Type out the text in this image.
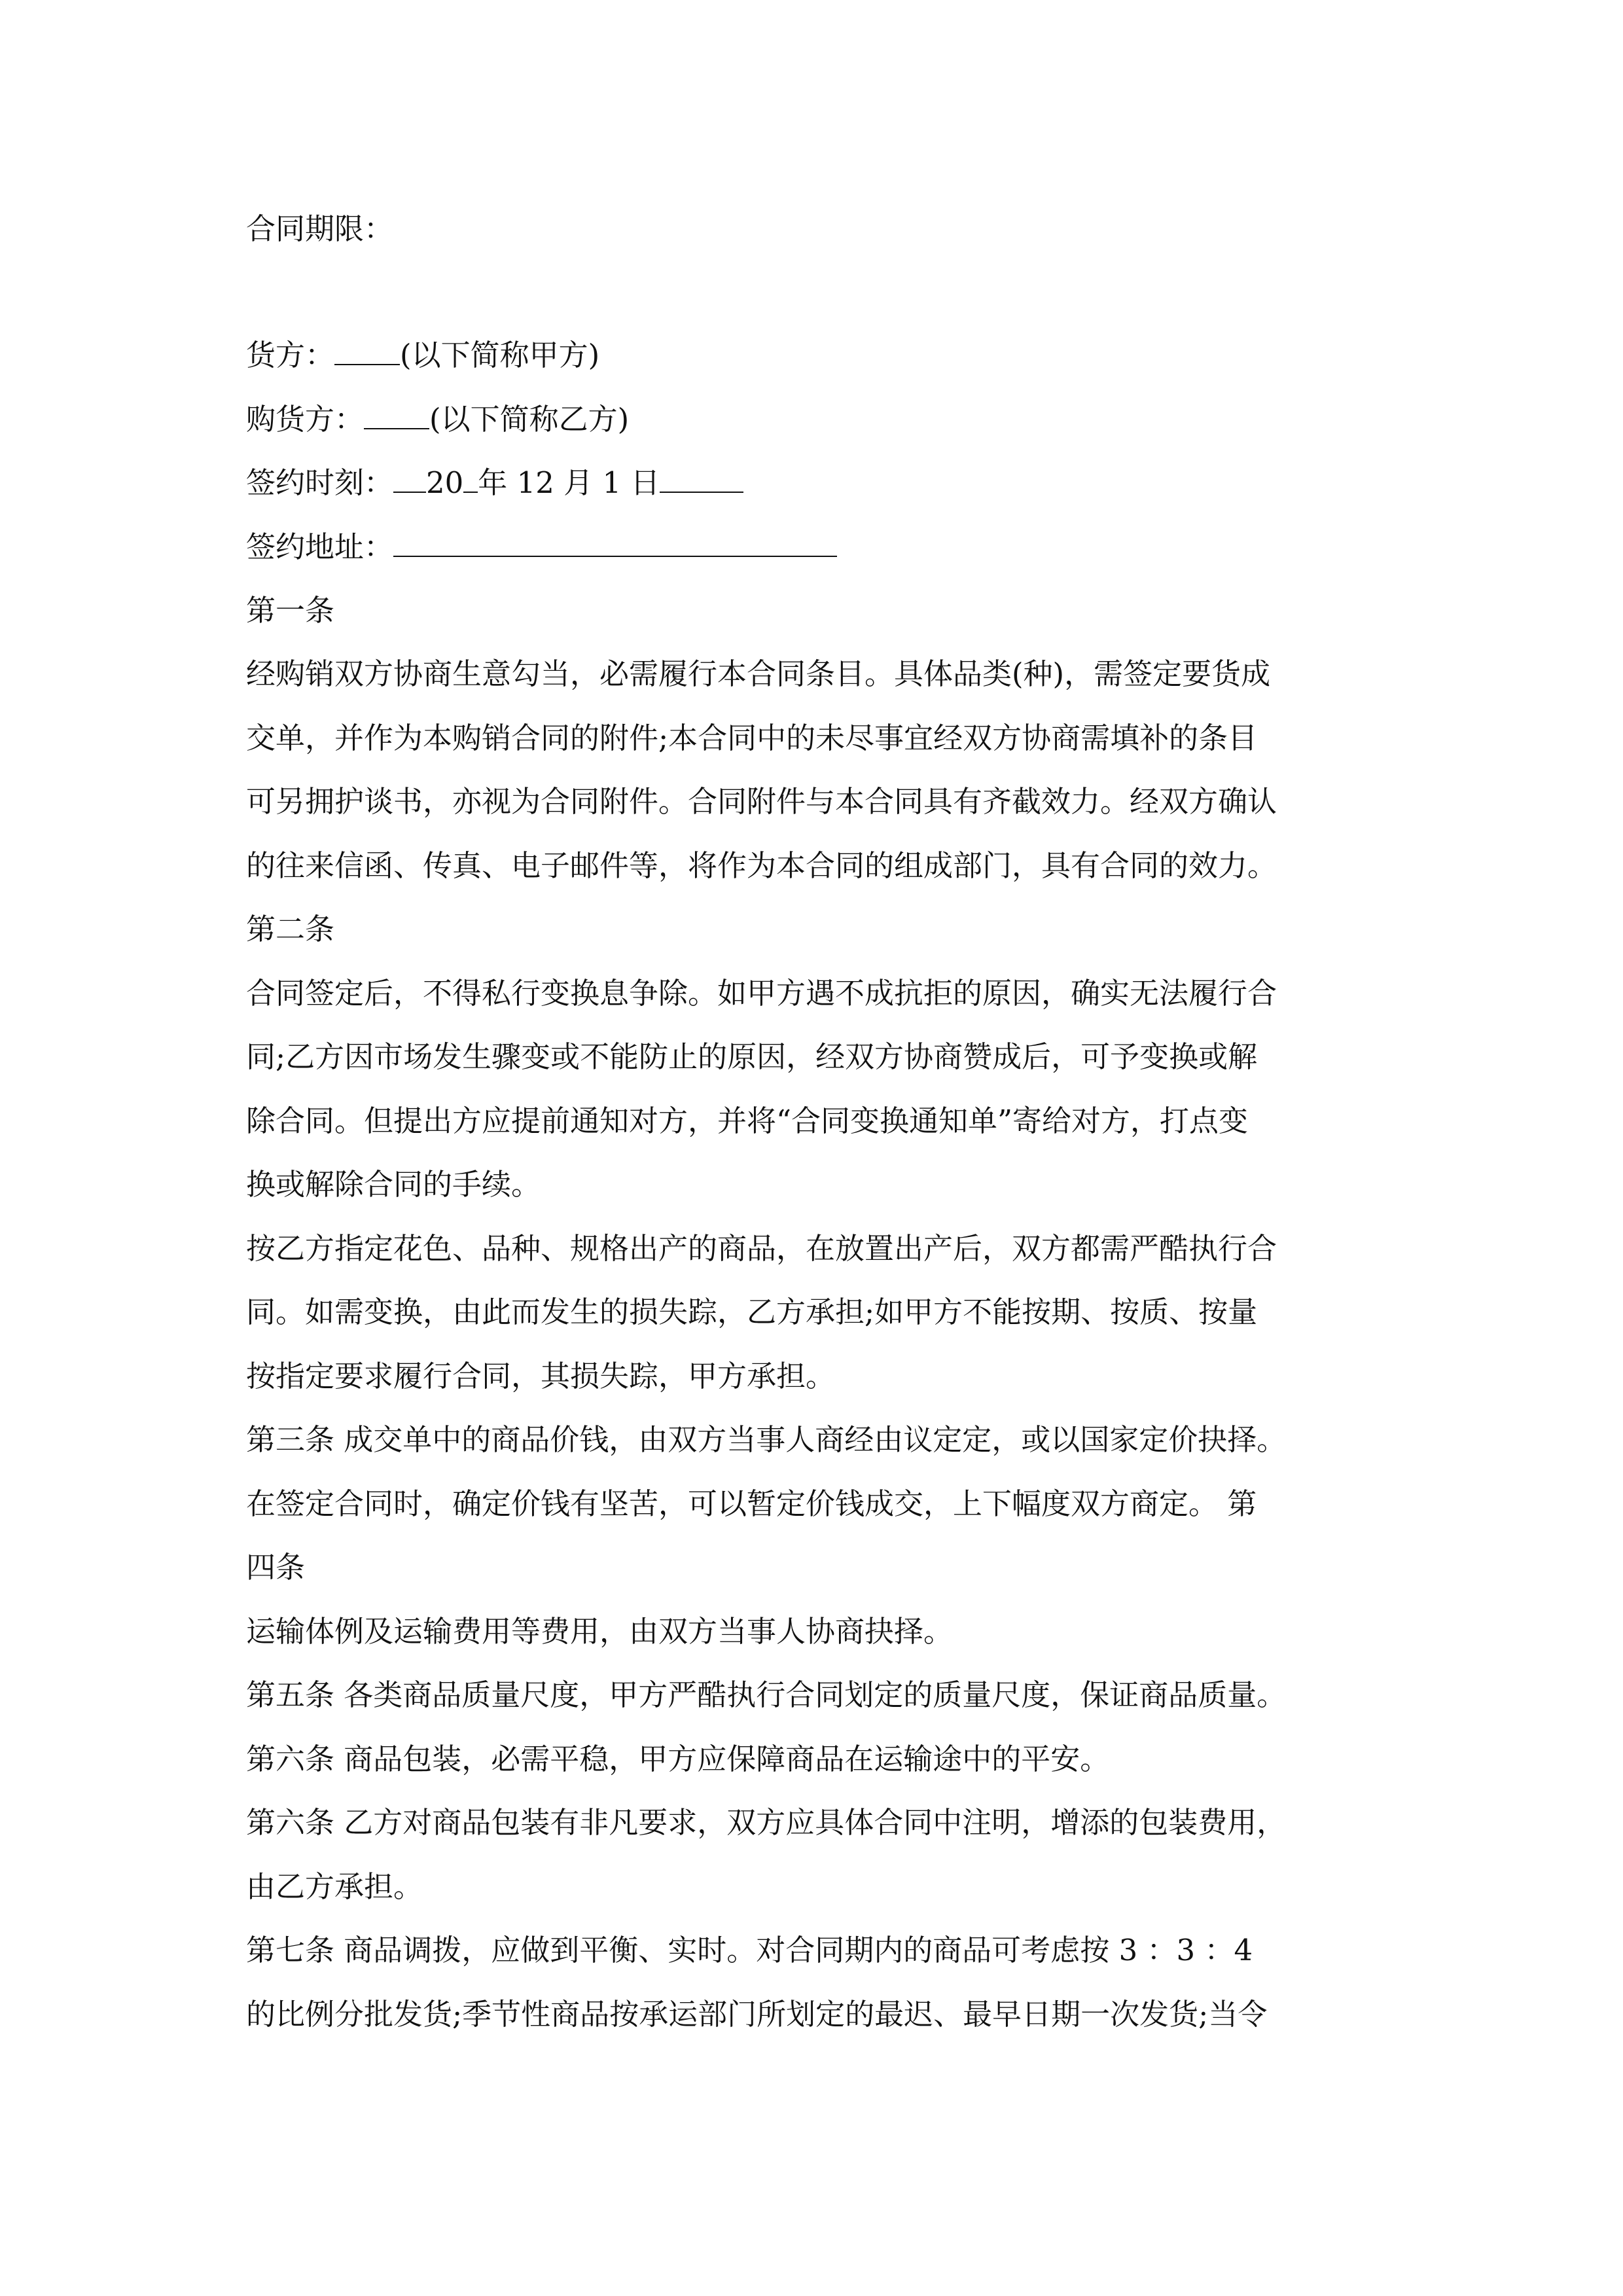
合同期限：
货方： (以下简称甲方)
购货方： (以下简称乙方)
签约时刻： 20 年 12 月 1 日
签约地址：
第一条
经购销双方协商生意勾当，必需履行本合同条目。具体品类(种)，需签定要货成
交单，并作为本购销合同的附件;本合同中的未尽事宜经双方协商需填补的条目
可另拥护谈书，亦视为合同附件。合同附件与本合同具有齐截效力。经双方确认
的往来信函、传真、电子邮件等，将作为本合同的组成部门，具有合同的效力。
第二条
合同签定后，不得私行变换息争除。如甲方遇不成抗拒的原因，确实无法履行合
同;乙方因市场发生骤变或不能防止的原因，经双方协商赞成后，可予变换或解
除合同。但提出方应提前通知对方，并将“合同变换通知单”寄给对方，打点变
换或解除合同的手续。
按乙方指定花色、品种、规格出产的商品，在放置出产后，双方都需严酷执行合
同。如需变换，由此而发生的损失踪，乙方承担;如甲方不能按期、按质、按量
按指定要求履行合同，其损失踪，甲方承担。
第三条 成交单中的商品价钱，由双方当事人商经由议定定，或以国家定价抉择。
在签定合同时，确定价钱有坚苦，可以暂定价钱成交，上下幅度双方商定。 第
四条
运输体例及运输费用等费用，由双方当事人协商抉择。
第五条 各类商品质量尺度，甲方严酷执行合同划定的质量尺度，保证商品质量。
第六条 商品包装，必需平稳，甲方应保障商品在运输途中的平安。
第六条 乙方对商品包装有非凡要求，双方应具体合同中注明，增添的包装费用，
由乙方承担。
第七条 商品调拨，应做到平衡、实时。对合同期内的商品可考虑按 3 ：3 ：4
的比例分批发货;季节性商品按承运部门所划定的最迟、最早日期一次发货;当令
